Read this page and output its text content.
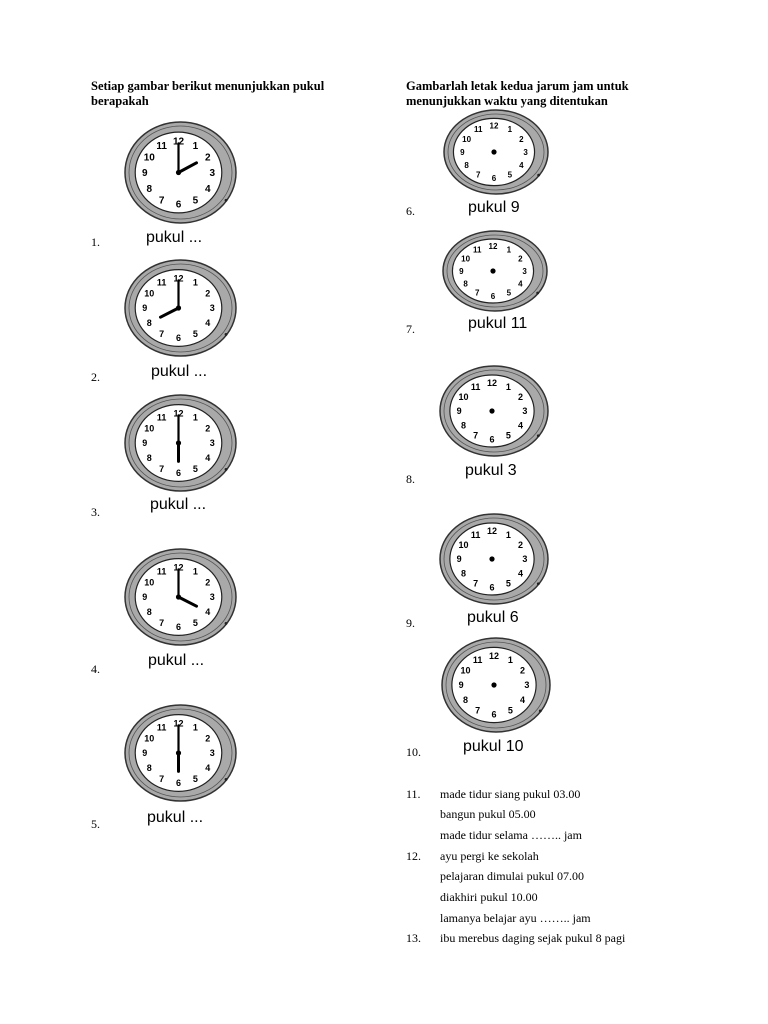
Setiap gambar berikut menunjukkan pukul berapakah
Gambarlah letak kedua jarum jam untuk menunjukkan waktu yang ditentukan
1
2
3
4
5
6
7
8
9
10
11 12
pukul ...
1.
1
2
3
4
5
6
7
8
9
10
11 12
pukul ...
2.
1
2
3
4
5
6
7
8
9
10
11 12
pukul ...
3.
1
2
3
4
5
6
7
8
9
10
11 12
pukul ...
4.
1
2
3
4
5
6
7
8
9
10
11 12
pukul ...
5.
1
2
3
4
5
6
7
8
9
10
11 12
pukul 9
6.
1
2
3
4
5
6
7
8
9
10
11 12
pukul 11
7.
1
2
3
4
5
6
7
8
9
10
11 12
pukul 3
8.
1
2
3
4
5
6
7
8
9
10
11 12
pukul 6
9.
1
2
3
4
5
6
7
8
9
10
11 12
pukul 10
10.
11. made tidur siang pukul 03.00
bangun pukul 05.00
made tidur selama …….. jam
12. ayu pergi ke sekolah
pelajaran dimulai pukul 07.00
diakhiri pukul 10.00
lamanya belajar ayu …….. jam
13. ibu merebus daging sejak pukul 8 pagi
